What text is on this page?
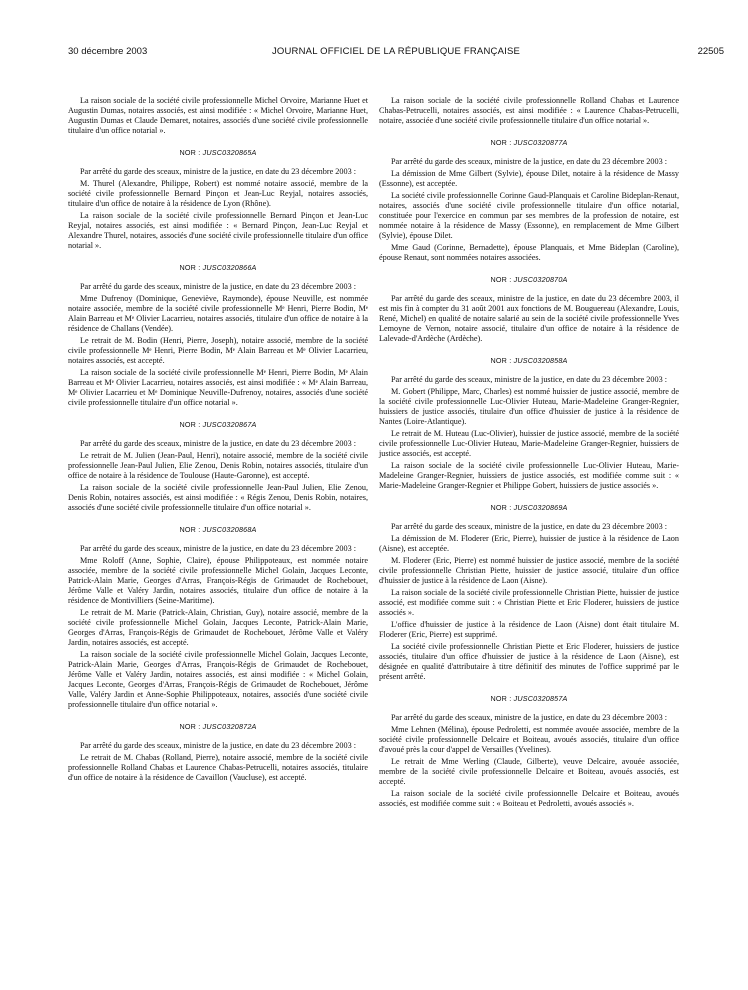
30 décembre 2003	JOURNAL OFFICIEL DE LA RÉPUBLIQUE FRANÇAISE	22505

La raison sociale de la société civile professionnelle Michel Orvoire, Marianne Huet et Augustin Dumas, notaires associés, est ainsi modifiée : « Michel Orvoire, Marianne Huet, Augustin Dumas et Claude Demaret, notaires, associés d'une société civile professionnelle titulaire d'un office notarial ».

NOR : JUSC0320865A

Par arrêté du garde des sceaux, ministre de la justice, en date du 23 décembre 2003 :

M. Thurel (Alexandre, Philippe, Robert) est nommé notaire associé, membre de la société civile professionnelle Bernard Pinçon et Jean-Luc Reyjal, notaires associés, titulaire d'un office de notaire à la résidence de Lyon (Rhône).

La raison sociale de la société civile professionnelle Bernard Pinçon et Jean-Luc Reyjal, notaires associés, est ainsi modifiée : « Bernard Pinçon, Jean-Luc Reyjal et Alexandre Thurel, notaires, associés d'une société civile professionnelle titulaire d'un office notarial ».

NOR : JUSC0320866A

Par arrêté du garde des sceaux, ministre de la justice, en date du 23 décembre 2003 :

Mme Dufrenoy (Dominique, Geneviève, Raymonde), épouse Neuville, est nommée notaire associée, membre de la société civile professionnelle Mᵉ Henri, Pierre Bodin, Mᵉ Alain Barreau et Mᵉ Olivier Lacarrieu, notaires associés, titulaire d'un office de notaire à la résidence de Challans (Vendée).

Le retrait de M. Bodin (Henri, Pierre, Joseph), notaire associé, membre de la société civile professionnelle Mᵉ Henri, Pierre Bodin, Mᵉ Alain Barreau et Mᵉ Olivier Lacarrieu, notaires associés, est accepté.

La raison sociale de la société civile professionnelle Mᵉ Henri, Pierre Bodin, Mᵉ Alain Barreau et Mᵉ Olivier Lacarrieu, notaires associés, est ainsi modifiée : « Mᵉ Alain Barreau, Mᵉ Olivier Lacarrieu et Mᵉ Dominique Neuville-Dufrenoy, notaires, associés d'une société civile professionnelle titulaire d'un office notarial ».

NOR : JUSC0320867A

Par arrêté du garde des sceaux, ministre de la justice, en date du 23 décembre 2003 :

Le retrait de M. Julien (Jean-Paul, Henri), notaire associé, membre de la société civile professionnelle Jean-Paul Julien, Elie Zenou, Denis Robin, notaires associés, titulaire d'un office de notaire à la résidence de Toulouse (Haute-Garonne), est accepté.

La raison sociale de la société civile professionnelle Jean-Paul Julien, Elie Zenou, Denis Robin, notaires associés, est ainsi modifiée : « Régis Zenou, Denis Robin, notaires, associés d'une société civile professionnelle titulaire d'un office notarial ».

NOR : JUSC0320868A

Par arrêté du garde des sceaux, ministre de la justice, en date du 23 décembre 2003 :

Mme Roloff (Anne, Sophie, Claire), épouse Philippoteaux, est nommée notaire associée, membre de la société civile professionnelle Michel Golain, Jacques Leconte, Patrick-Alain Marie, Georges d'Arras, François-Régis de Grimaudet de Rochebouet, Jérôme Valle et Valéry Jardin, notaires associés, titulaire d'un office de notaire à la résidence de Montivilliers (Seine-Maritime).

Le retrait de M. Marie (Patrick-Alain, Christian, Guy), notaire associé, membre de la société civile professionnelle Michel Golain, Jacques Leconte, Patrick-Alain Marie, Georges d'Arras, François-Régis de Grimaudet de Rochebouet, Jérôme Valle et Valéry Jardin, notaires associés, est accepté.

La raison sociale de la société civile professionnelle Michel Golain, Jacques Leconte, Patrick-Alain Marie, Georges d'Arras, François-Régis de Grimaudet de Rochebouet, Jérôme Valle et Valéry Jardin, notaires associés, est ainsi modifiée : « Michel Golain, Jacques Leconte, Georges d'Arras, François-Régis de Grimaudet de Rochebouet, Jérôme Valle, Valéry Jardin et Anne-Sophie Philippoteaux, notaires, associés d'une société civile professionnelle titulaire d'un office notarial ».

NOR : JUSC0320872A

Par arrêté du garde des sceaux, ministre de la justice, en date du 23 décembre 2003 :

Le retrait de M. Chabas (Rolland, Pierre), notaire associé, membre de la société civile professionnelle Rolland Chabas et Laurence Chabas-Petrucelli, notaires associés, titulaire d'un office de notaire à la résidence de Cavaillon (Vaucluse), est accepté.

La raison sociale de la société civile professionnelle Rolland Chabas et Laurence Chabas-Petrucelli, notaires associés, est ainsi modifiée : « Laurence Chabas-Petrucelli, notaire, associée d'une société civile professionnelle titulaire d'un office notarial ».

NOR : JUSC0320877A

Par arrêté du garde des sceaux, ministre de la justice, en date du 23 décembre 2003 :

La démission de Mme Gilbert (Sylvie), épouse Dilet, notaire à la résidence de Massy (Essonne), est acceptée.

La société civile professionnelle Corinne Gaud-Planquais et Caroline Bideplan-Renaut, notaires, associés d'une société civile professionnelle titulaire d'un office notarial, constituée pour l'exercice en commun par ses membres de la profession de notaire, est nommée notaire à la résidence de Massy (Essonne), en remplacement de Mme Gilbert (Sylvie), épouse Dilet.

Mme Gaud (Corinne, Bernadette), épouse Planquais, et Mme Bideplan (Caroline), épouse Renaut, sont nommées notaires associées.

NOR : JUSC0320870A

Par arrêté du garde des sceaux, ministre de la justice, en date du 23 décembre 2003, il est mis fin à compter du 31 août 2001 aux fonctions de M. Bouguereau (Alexandre, Louis, René, Michel) en qualité de notaire salarié au sein de la société civile professionnelle Yves Lemoyne de Vernon, notaire associé, titulaire d'un office de notaire à la résidence de Lalevade-d'Ardèche (Ardèche).

NOR : JUSC0320858A

Par arrêté du garde des sceaux, ministre de la justice, en date du 23 décembre 2003 :

M. Gobert (Philippe, Marc, Charles) est nommé huissier de justice associé, membre de la société civile professionnelle Luc-Olivier Huteau, Marie-Madeleine Granger-Regnier, huissiers de justice associés, titulaire d'un office d'huissier de justice à la résidence de Nantes (Loire-Atlantique).

Le retrait de M. Huteau (Luc-Olivier), huissier de justice associé, membre de la société civile professionnelle Luc-Olivier Huteau, Marie-Madeleine Granger-Regnier, huissiers de justice associés, est accepté.

La raison sociale de la société civile professionnelle Luc-Olivier Huteau, Marie-Madeleine Granger-Regnier, huissiers de justice associés, est modifiée comme suit : « Marie-Madeleine Granger-Regnier et Philippe Gobert, huissiers de justice associés ».

NOR : JUSC0320869A

Par arrêté du garde des sceaux, ministre de la justice, en date du 23 décembre 2003 :

La démission de M. Floderer (Eric, Pierre), huissier de justice à la résidence de Laon (Aisne), est acceptée.

M. Floderer (Eric, Pierre) est nommé huissier de justice associé, membre de la société civile professionnelle Christian Piette, huissier de justice associé, titulaire d'un office d'huissier de justice à la résidence de Laon (Aisne).

La raison sociale de la société civile professionnelle Christian Piette, huissier de justice associé, est modifiée comme suit : « Christian Piette et Eric Floderer, huissiers de justice associés ».

L'office d'huissier de justice à la résidence de Laon (Aisne) dont était titulaire M. Floderer (Eric, Pierre) est supprimé.

La société civile professionnelle Christian Piette et Eric Floderer, huissiers de justice associés, titulaire d'un office d'huissier de justice à la résidence de Laon (Aisne), est désignée en qualité d'attributaire à titre définitif des minutes de l'office supprimé par le présent arrêté.

NOR : JUSC0320857A

Par arrêté du garde des sceaux, ministre de la justice, en date du 23 décembre 2003 :

Mme Lehnen (Mélina), épouse Pedroletti, est nommée avouée associée, membre de la société civile professionnelle Delcaire et Boiteau, avoués associés, titulaire d'un office d'avoué près la cour d'appel de Versailles (Yvelines).

Le retrait de Mme Werling (Claude, Gilberte), veuve Delcaire, avouée associée, membre de la société civile professionnelle Delcaire et Boiteau, avoués associés, est accepté.

La raison sociale de la société civile professionnelle Delcaire et Boiteau, avoués associés, est modifiée comme suit : « Boiteau et Pedroletti, avoués associés ».
